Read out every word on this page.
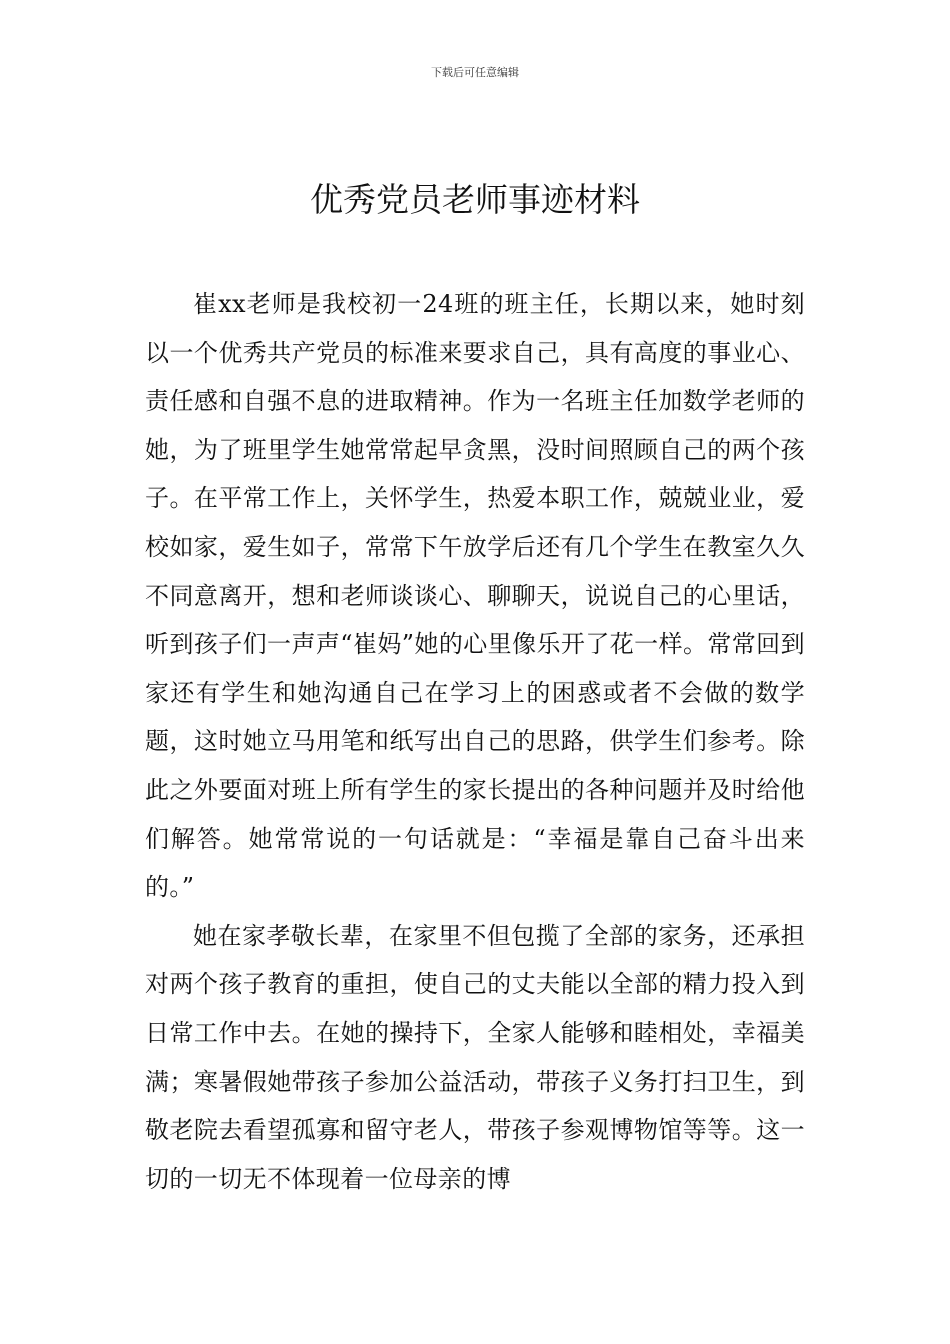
下载后可任意编辑
优秀党员老师事迹材料

崔xx老师是我校初一24班的班主任，长期以来，她时刻以一个优秀共产党员的标准来要求自己，具有高度的事业心、责任感和自强不息的进取精神。作为一名班主任加数学老师的她，为了班里学生她常常起早贪黑，没时间照顾自己的两个孩子。在平常工作上，关怀学生，热爱本职工作，兢兢业业，爱校如家，爱生如子，常常下午放学后还有几个学生在教室久久不同意离开，想和老师谈谈心、聊聊天，说说自己的心里话，听到孩子们一声声“崔妈”她的心里像乐开了花一样。常常回到家还有学生和她沟通自己在学习上的困惑或者不会做的数学题，这时她立马用笔和纸写出自己的思路，供学生们参考。除此之外要面对班上所有学生的家长提出的各种问题并及时给他们解答。她常常说的一句话就是：“幸福是靠自己奋斗出来的。”

她在家孝敬长辈，在家里不但包揽了全部的家务，还承担对两个孩子教育的重担，使自己的丈夫能以全部的精力投入到日常工作中去。在她的操持下，全家人能够和睦相处，幸福美满；寒暑假她带孩子参加公益活动，带孩子义务打扫卫生，到敬老院去看望孤寡和留守老人，带孩子参观博物馆等等。这一切的一切无不体现着一位母亲的博
